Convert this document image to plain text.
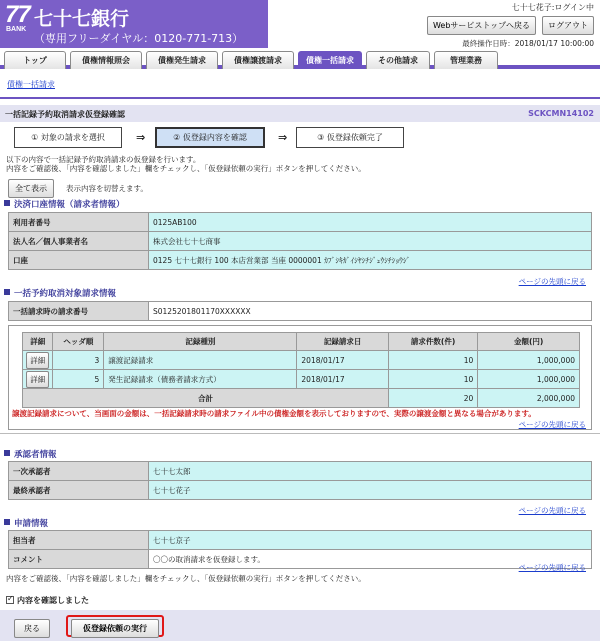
77
BANK 七十七銀行
（専用フリーダイヤル：0120-771-713）
七十七花子:ログイン中
Webサービストップへ戻る	ログアウト
最終操作日時：2018/01/17 10:00:00
トップ	債権情報照会	債権発生請求	債権譲渡請求	債権一括請求	その他請求	管理業務
債権一括請求
一括記録予約取消請求仮登録確認	SCKCMN14102
① 対象の請求を選択	⇒	② 仮登録内容を確認	⇒	③ 仮登録依頼完了
以下の内容で一括記録予約取消請求の仮登録を行います。
内容をご確認後、「内容を確認しました」欄をチェックし、「仮登録依頼の実行」ボタンを押してください。
全て表示	表示内容を切替えます。
決済口座情報（請求者情報）
利用者番号	0125AB100
法人名／個人事業者名	株式会社七十七商事
口座	0125 七十七銀行 100 本店営業部 当座 0000001 ｶﾌﾞｼｷｶﾞｲｼﾔｼﾁｼﾞｭｳｼﾁｼｮｳｼﾞ
ページの先頭に戻る
一括予約取消対象請求情報
一括請求時の請求番号	S0125201801170XXXXXX
詳細	ヘッダ順	記録種別	記録請求日	請求件数(件)	金額(円)
詳細	3	譲渡記録請求	2018/01/17	10	1,000,000
詳細	5	発生記録請求（債務者請求方式）	2018/01/17	10	1,000,000
合計				20	2,000,000
譲渡記録請求について、当画面の金額は、一括記録請求時の請求ファイル中の債権金額を表示しておりますので、実際の譲渡金額と異なる場合があります。
ページの先頭に戻る
承認者情報
一次承認者	七十七太郎
最終承認者	七十七花子
ページの先頭に戻る
申請情報
担当者	七十七京子
コメント	〇〇の取消請求を仮登録します。
ページの先頭に戻る
内容をご確認後、「内容を確認しました」欄をチェックし、「仮登録依頼の実行」ボタンを押してください。
✓内容を確認しました
戻る	仮登録依頼の実行
